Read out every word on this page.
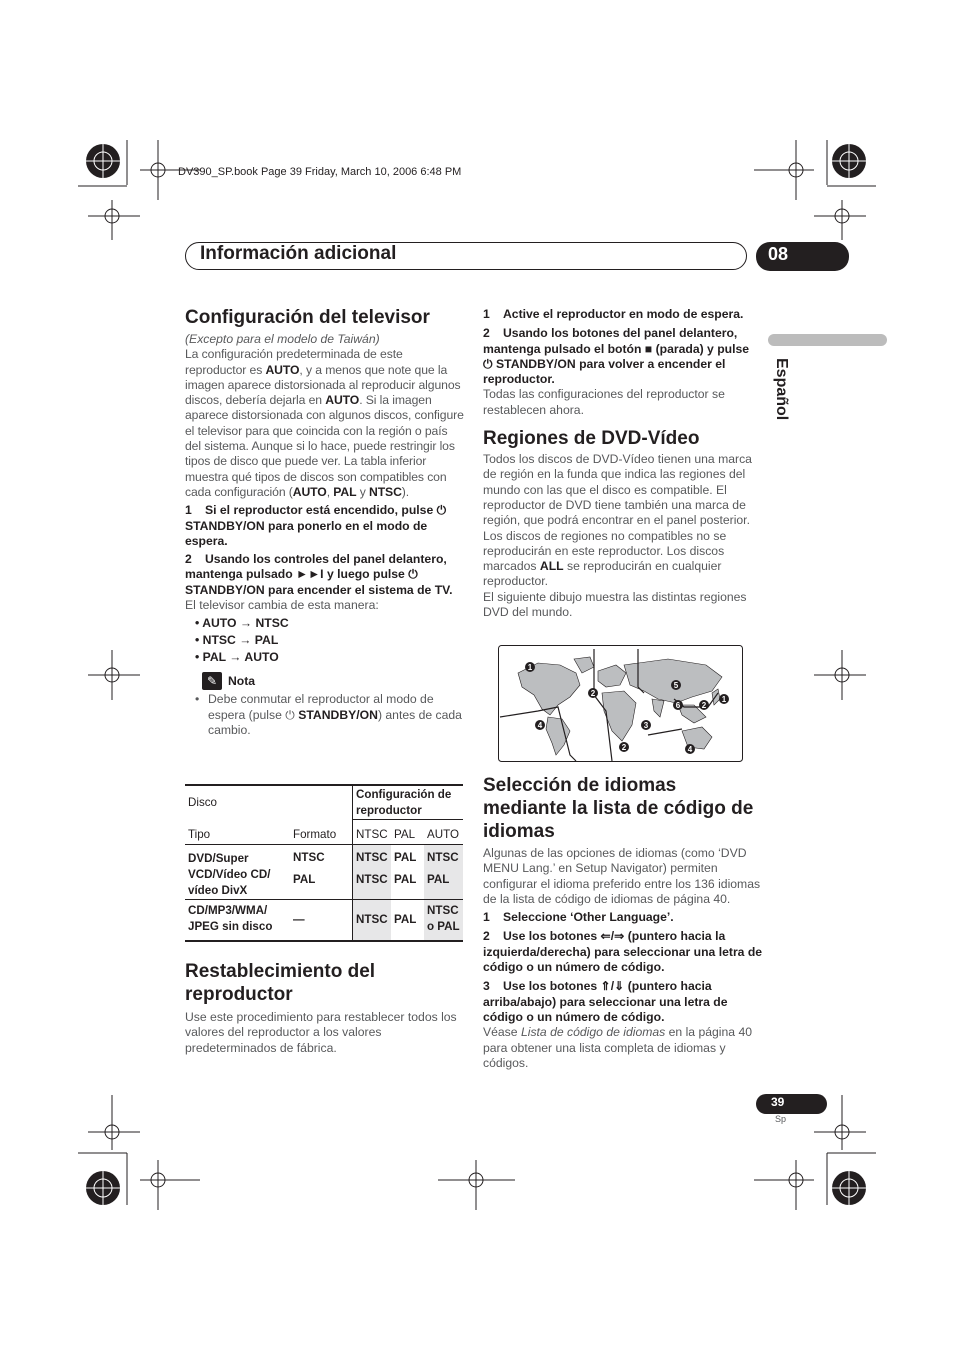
DV390_SP.book Page 39 Friday, March 10, 2006 6:48 PM
Información adicional	08
Español
Configuración del televisor
(Excepto para el modelo de Taiwán)
La configuración predeterminada de este reproductor es AUTO, y a menos que note que la imagen aparece distorsionada al reproducir algunos discos, debería dejarla en AUTO. Si la imagen aparece distorsionada con algunos discos, configure el televisor para que coincida con la región o país del sistema. Aunque si lo hace, puede restringir los tipos de disco que puede ver. La tabla inferior muestra qué tipos de discos son compatibles con cada configuración (AUTO, PAL y NTSC).
1 Si el reproductor está encendido, pulse ⏻ STANDBY/ON para ponerlo en el modo de espera.
2 Usando los controles del panel delantero, mantenga pulsado ►►I y luego pulse ⏻ STANDBY/ON para encender el sistema de TV.
El televisor cambia de esta manera:
• AUTO → NTSC
• NTSC → PAL
• PAL → AUTO
✎ Nota
• Debe conmutar el reproductor al modo de espera (pulse ⏻ STANDBY/ON) antes de cada cambio.
Disco		Configuración de reproductor		
Tipo	Formato	NTSC	PAL	AUTO
DVD/Super VCD/Vídeo CD/ vídeo DivX	NTSC	NTSC	PAL	NTSC
	PAL	NTSC	PAL	PAL
CD/MP3/WMA/ JPEG sin disco	—	NTSC	PAL	NTSC o PAL
Restablecimiento del reproductor
Use este procedimiento para restablecer todos los valores del reproductor a los valores predeterminados de fábrica.
1 Active el reproductor en modo de espera.
2 Usando los botones del panel delantero, mantenga pulsado el botón ■ (parada) y pulse ⏻ STANDBY/ON para volver a encender el reproductor.
Todas las configuraciones del reproductor se restablecen ahora.
Regiones de DVD-Vídeo
Todos los discos de DVD-Vídeo tienen una marca de región en la funda que indica las regiones del mundo con las que el disco es compatible. El reproductor de DVD tiene también una marca de región, que podrá encontrar en el panel posterior. Los discos de regiones no compatibles no se reproducirán en este reproductor. Los discos marcados ALL se reproducirán en cualquier reproductor.
El siguiente dibujo muestra las distintas regiones DVD del mundo.
1
2
4
5
6
3
2
1
2	4
Selección de idiomas mediante la lista de código de idiomas
Algunas de las opciones de idiomas (como ‘DVD MENU Lang.’ en Setup Navigator) permiten configurar el idioma preferido entre los 136 idiomas de la lista de código de idiomas de página 40.
1 Seleccione ‘Other Language’.
2 Use los botones ⇐/⇒ (puntero hacia la izquierda/derecha) para seleccionar una letra de código o un número de código.
3 Use los botones ⇑/⇓ (puntero hacia arriba/abajo) para seleccionar una letra de código o un número de código.
Véase Lista de código de idiomas en la página 40 para obtener una lista completa de idiomas y códigos.
39
Sp
